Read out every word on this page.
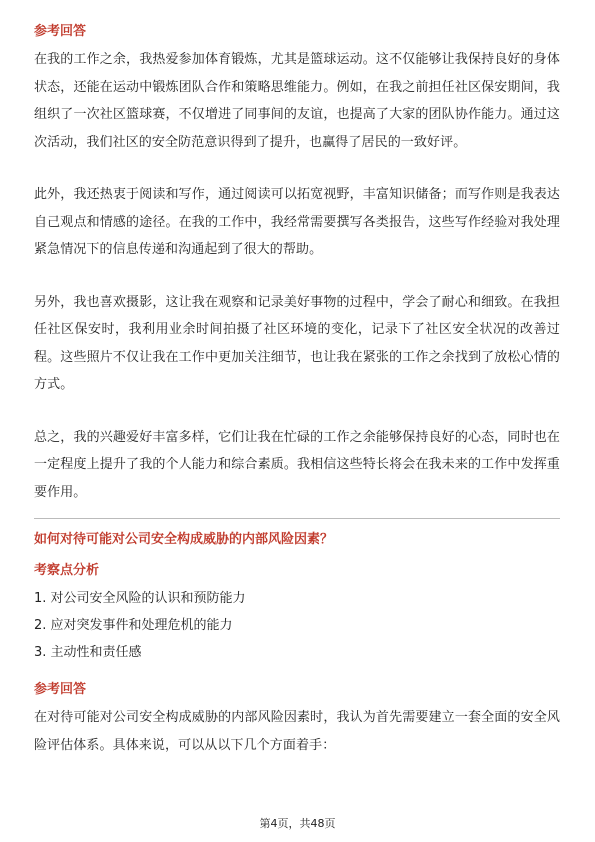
参考回答

在我的工作之余，我热爱参加体育锻炼，尤其是篮球运动。这不仅能够让我保持良好的身体状态，还能在运动中锻炼团队合作和策略思维能力。例如，在我之前担任社区保安期间，我组织了一次社区篮球赛，不仅增进了同事间的友谊，也提高了大家的团队协作能力。通过这次活动，我们社区的安全防范意识得到了提升，也赢得了居民的一致好评。

此外，我还热衷于阅读和写作，通过阅读可以拓宽视野，丰富知识储备；而写作则是我表达自己观点和情感的途径。在我的工作中，我经常需要撰写各类报告，这些写作经验对我处理紧急情况下的信息传递和沟通起到了很大的帮助。

另外，我也喜欢摄影，这让我在观察和记录美好事物的过程中，学会了耐心和细致。在我担任社区保安时，我利用业余时间拍摄了社区环境的变化，记录下了社区安全状况的改善过程。这些照片不仅让我在工作中更加关注细节，也让我在紧张的工作之余找到了放松心情的方式。

总之，我的兴趣爱好丰富多样，它们让我在忙碌的工作之余能够保持良好的心态，同时也在一定程度上提升了我的个人能力和综合素质。我相信这些特长将会在我未来的工作中发挥重要作用。

如何对待可能对公司安全构成威胁的内部风险因素？
考察点分析

1. 对公司安全风险的认识和预防能力

2. 应对突发事件和处理危机的能力

3. 主动性和责任感

参考回答

在对待可能对公司安全构成威胁的内部风险因素时，我认为首先需要建立一套全面的安全风险评估体系。具体来说，可以从以下几个方面着手：

第4页，共48页
